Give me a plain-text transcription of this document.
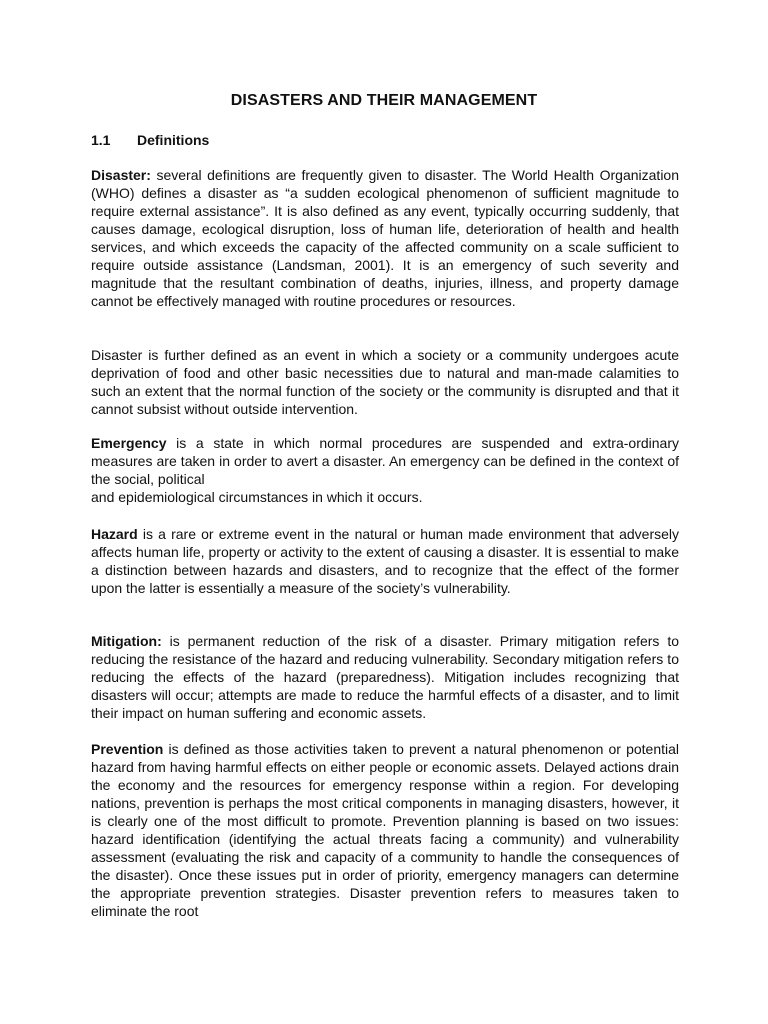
DISASTERS AND THEIR MANAGEMENT
1.1 Definitions
Disaster: several definitions are frequently given to disaster. The World Health Organization (WHO) defines a disaster as “a sudden ecological phenomenon of sufficient magnitude to require external assistance”. It is also defined as any event, typically occurring suddenly, that causes damage, ecological disruption, loss of human life, deterioration of health and health services, and which exceeds the capacity of the affected community on a scale sufficient to require outside assistance (Landsman, 2001). It is an emergency of such severity and magnitude that the resultant combination of deaths, injuries, illness, and property damage cannot be effectively managed with routine procedures or resources.
Disaster is further defined as an event in which a society or a community undergoes acute deprivation of food and other basic necessities due to natural and man-made calamities to such an extent that the normal function of the society or the community is disrupted and that it cannot subsist without outside intervention.
Emergency is a state in which normal procedures are suspended and extra-ordinary measures are taken in order to avert a disaster. An emergency can be defined in the context of the social, political
and epidemiological circumstances in which it occurs.
Hazard is a rare or extreme event in the natural or human made environment that adversely affects human life, property or activity to the extent of causing a disaster. It is essential to make a distinction between hazards and disasters, and to recognize that the effect of the former upon the latter is essentially a measure of the society’s vulnerability.
Mitigation: is permanent reduction of the risk of a disaster. Primary mitigation refers to reducing the resistance of the hazard and reducing vulnerability. Secondary mitigation refers to reducing the effects of the hazard (preparedness). Mitigation includes recognizing that disasters will occur; attempts are made to reduce the harmful effects of a disaster, and to limit their impact on human suffering and economic assets.
Prevention is defined as those activities taken to prevent a natural phenomenon or potential hazard from having harmful effects on either people or economic assets. Delayed actions drain the economy and the resources for emergency response within a region. For developing nations, prevention is perhaps the most critical components in managing disasters, however, it is clearly one of the most difficult to promote. Prevention planning is based on two issues: hazard identification (identifying the actual threats facing a community) and vulnerability assessment (evaluating the risk and capacity of a community to handle the consequences of the disaster). Once these issues put in order of priority, emergency managers can determine the appropriate prevention strategies. Disaster prevention refers to measures taken to eliminate the root
